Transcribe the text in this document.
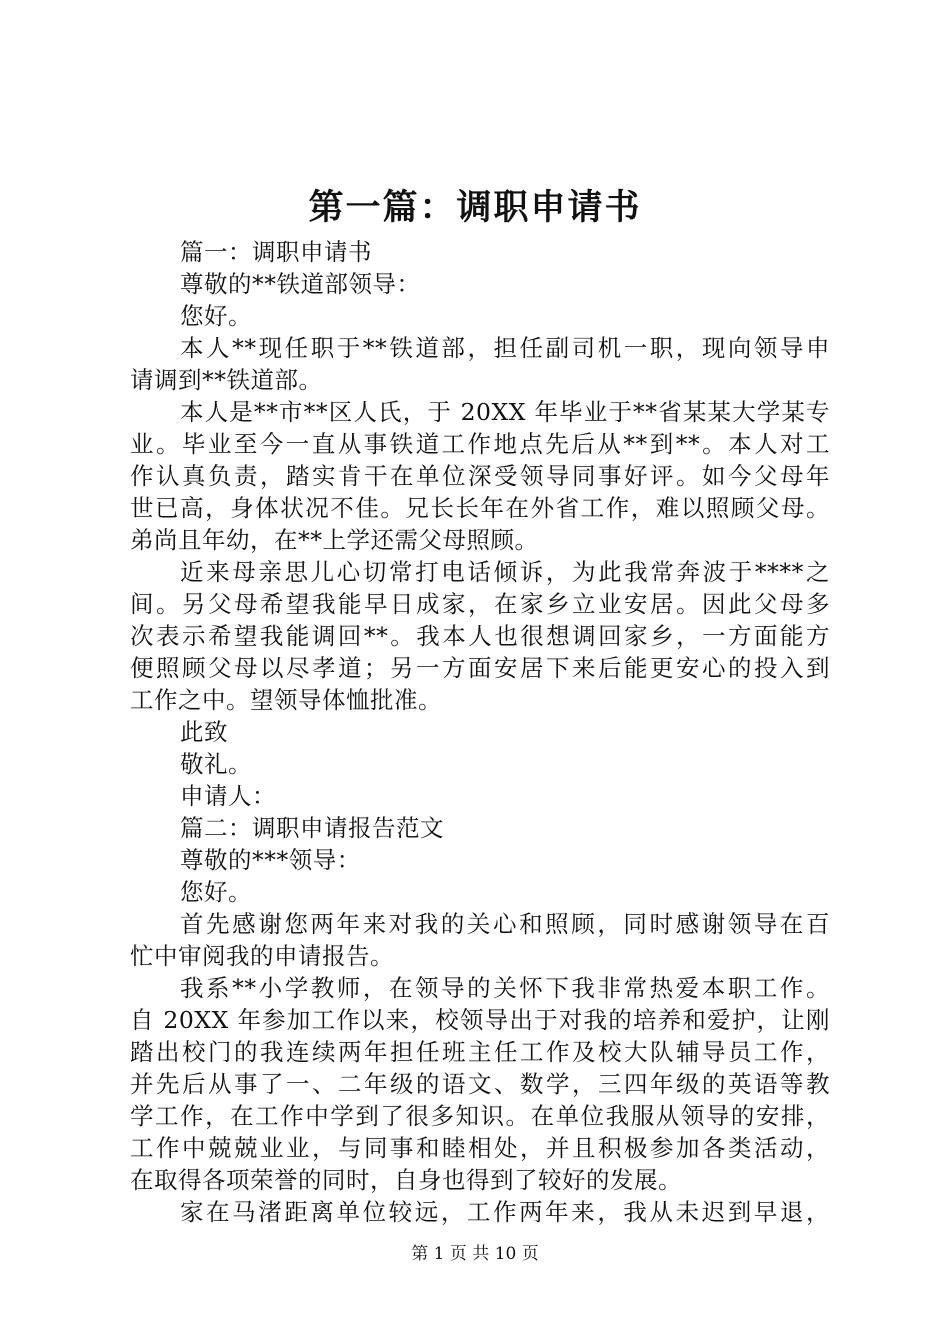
第一篇：调职申请书
篇一：调职申请书
尊敬的**铁道部领导：
您好。
本人**现任职于**铁道部，担任副司机一职，现向领导申
请调到**铁道部。
本人是**市**区人氏，于 20XX 年毕业于**省某某大学某专
业。毕业至今一直从事铁道工作地点先后从**到**。本人对工
作认真负责，踏实肯干在单位深受领导同事好评。如今父母年
世已高，身体状况不佳。兄长长年在外省工作，难以照顾父母。
弟尚且年幼，在**上学还需父母照顾。
近来母亲思儿心切常打电话倾诉，为此我常奔波于****之
间。另父母希望我能早日成家，在家乡立业安居。因此父母多
次表示希望我能调回**。我本人也很想调回家乡，一方面能方
便照顾父母以尽孝道；另一方面安居下来后能更安心的投入到
工作之中。望领导体恤批准。
此致
敬礼。
申请人：
篇二：调职申请报告范文
尊敬的***领导：
您好。
首先感谢您两年来对我的关心和照顾，同时感谢领导在百
忙中审阅我的申请报告。
我系**小学教师，在领导的关怀下我非常热爱本职工作。
自 20XX 年参加工作以来，校领导出于对我的培养和爱护，让刚
踏出校门的我连续两年担任班主任工作及校大队辅导员工作，
并先后从事了一、二年级的语文、数学，三四年级的英语等教
学工作，在工作中学到了很多知识。在单位我服从领导的安排，
工作中兢兢业业，与同事和睦相处，并且积极参加各类活动，
在取得各项荣誉的同时，自身也得到了较好的发展。
家在马渚距离单位较远，工作两年来，我从未迟到早退，
第 1 页 共 10 页
